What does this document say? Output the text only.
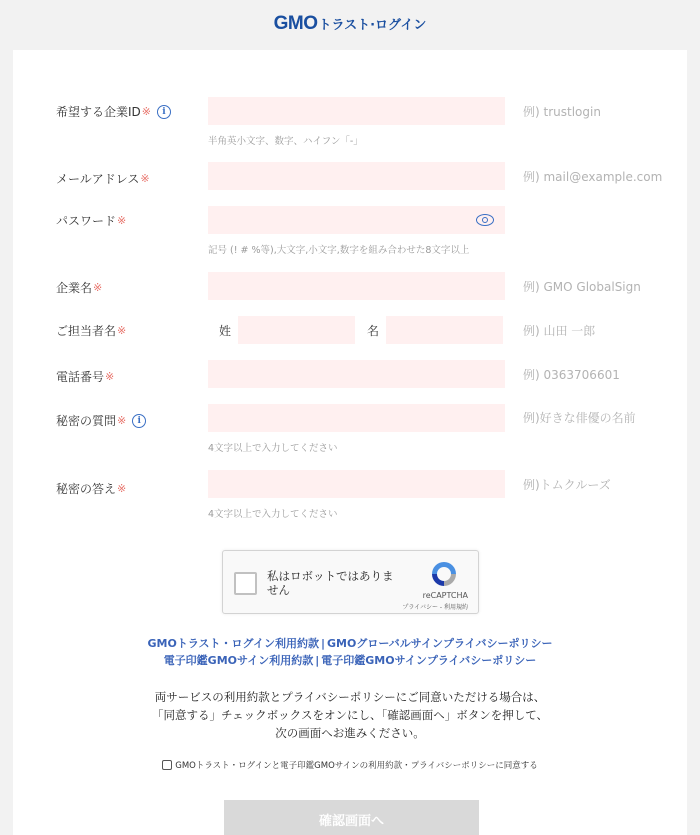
GMO トラスト·ログイン
希望する企業ID ※	i	例) trustlogin
半角英小文字、数字、ハイフン「-」
メールアドレス ※	例) mail@example.com
パスワード ※
記号 (! # %等),大文字,小文字,数字を組み合わせた8文字以上
企業名 ※	例) GMO GlobalSign
ご担当者名 ※	姓	名	例) 山田 一郎
電話番号 ※	例) 0363706601
秘密の質問 ※	i	例)好きな俳優の名前
4文字以上で入力してください
秘密の答え ※	例)トムクルーズ
4文字以上で入力してください
私はロボットではありません	reCAPTCHA
プライバシー - 利用規約
GMOトラスト・ログイン利用約款 | GMOグローバルサインプライバシーポリシー
電子印鑑GMOサイン利用約款 | 電子印鑑GMOサインプライバシーポリシー
両サービスの利用約款とプライバシーポリシーにご同意いただける場合は、
「同意する」チェックボックスをオンにし、「確認画面へ」ボタンを押して、
次の画面へお進みください。
GMOトラスト・ログインと電子印鑑GMOサインの利用約款・プライバシーポリシーに同意する
確認画面へ
